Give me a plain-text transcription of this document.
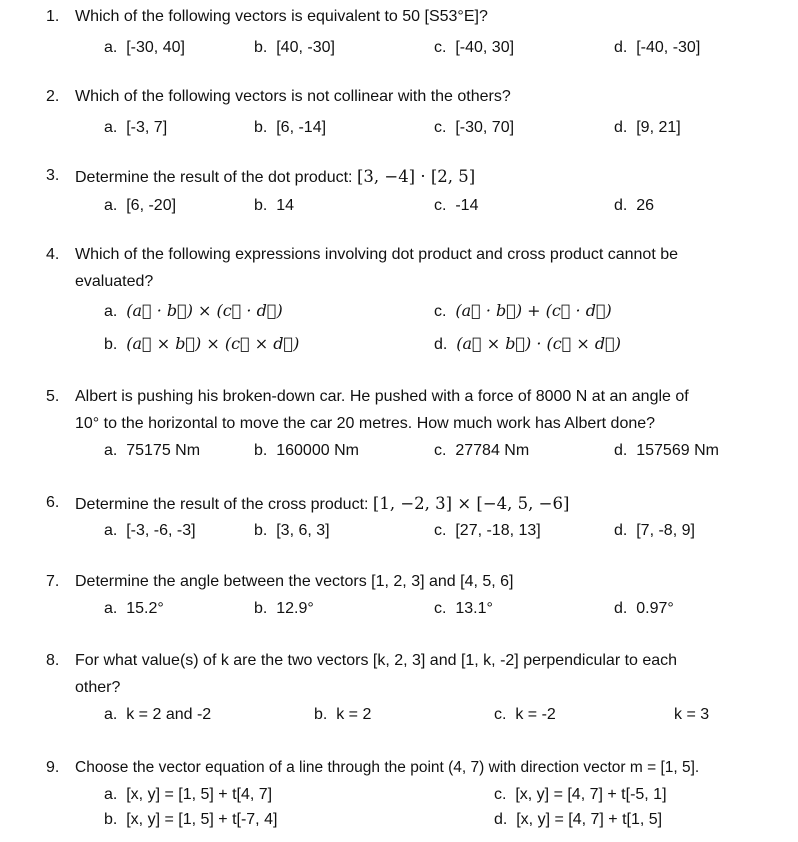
1. Which of the following vectors is equivalent to 50 [S53°E]?
a. [-30, 40]	b. [40, -30]	c. [-40, 30]	d. [-40, -30]
2. Which of the following vectors is not collinear with the others?
a. [-3, 7]	b. [6, -14]	c. [-30, 70]	d. [9, 21]
3. Determine the result of the dot product: [3, −4] · [2, 5]
a. [6, -20]	b. 14	c. -14	d. 26
4. Which of the following expressions involving dot product and cross product cannot be
evaluated?
a. (a⃗ · b⃗) × (c⃗ · d⃗)
b. (a⃗ × b⃗) × (c⃗ × d⃗)
c. (a⃗ · b⃗) + (c⃗ · d⃗)
d. (a⃗ × b⃗) · (c⃗ × d⃗)
5. Albert is pushing his broken-down car. He pushed with a force of 8000 N at an angle of
10° to the horizontal to move the car 20 metres. How much work has Albert done?
a. 75175 Nm	b. 160000 Nm	c. 27784 Nm	d. 157569 Nm
6. Determine the result of the cross product: [1, −2, 3] × [−4, 5, −6]
a. [-3, -6, -3]	b. [3, 6, 3]	c. [27, -18, 13]	d. [7, -8, 9]
7. Determine the angle between the vectors [1, 2, 3] and [4, 5, 6]
a. 15.2°	b. 12.9°	c. 13.1°	d. 0.97°
8. For what value(s) of k are the two vectors [k, 2, 3] and [1, k, -2] perpendicular to each
other?
a. k = 2 and -2	b. k = 2	c. k = -2	k = 3
9. Choose the vector equation of a line through the point (4, 7) with direction vector m = [1, 5].
a. [x, y] = [1, 5] + t[4, 7]
b. [x, y] = [1, 5] + t[-7, 4]
c. [x, y] = [4, 7] + t[-5, 1]
d. [x, y] = [4, 7] + t[1, 5]
